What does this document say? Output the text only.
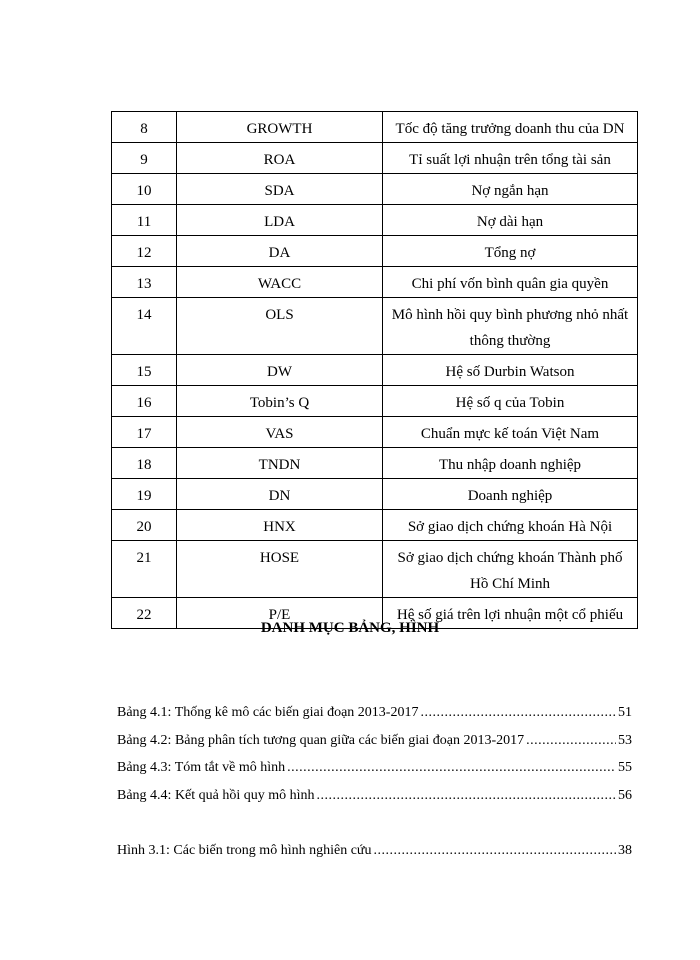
8	GROWTH	Tốc độ tăng trưởng doanh thu của DN
9	ROA	Tỉ suất lợi nhuận trên tổng tài sản
10	SDA	Nợ ngắn hạn
11	LDA	Nợ dài hạn
12	DA	Tổng nợ
13	WACC	Chi phí vốn bình quân gia quyền
14	OLS	Mô hình hồi quy bình phương nhỏ nhất thông thường
15	DW	Hệ số Durbin Watson
16	Tobin’s Q	Hệ số q của Tobin
17	VAS	Chuẩn mực kế toán Việt Nam
18	TNDN	Thu nhập doanh nghiệp
19	DN	Doanh nghiệp
20	HNX	Sở giao dịch chứng khoán Hà Nội
21	HOSE	Sở giao dịch chứng khoán Thành phố Hồ Chí Minh
22	P/E	Hệ số giá trên lợi nhuận một cổ phiếu
DANH MỤC BẢNG, HÌNH
Bảng 4.1: Thống kê mô các biến giai đoạn 2013-2017 .....	51
Bảng 4.2: Bảng phân tích tương quan giữa các biến giai đoạn 2013-2017 .....	53
Bảng 4.3: Tóm tắt về mô hình .....	55
Bảng 4.4: Kết quả hồi quy mô hình .....	56
Hình 3.1: Các biến trong mô hình nghiên cứu .....	38
